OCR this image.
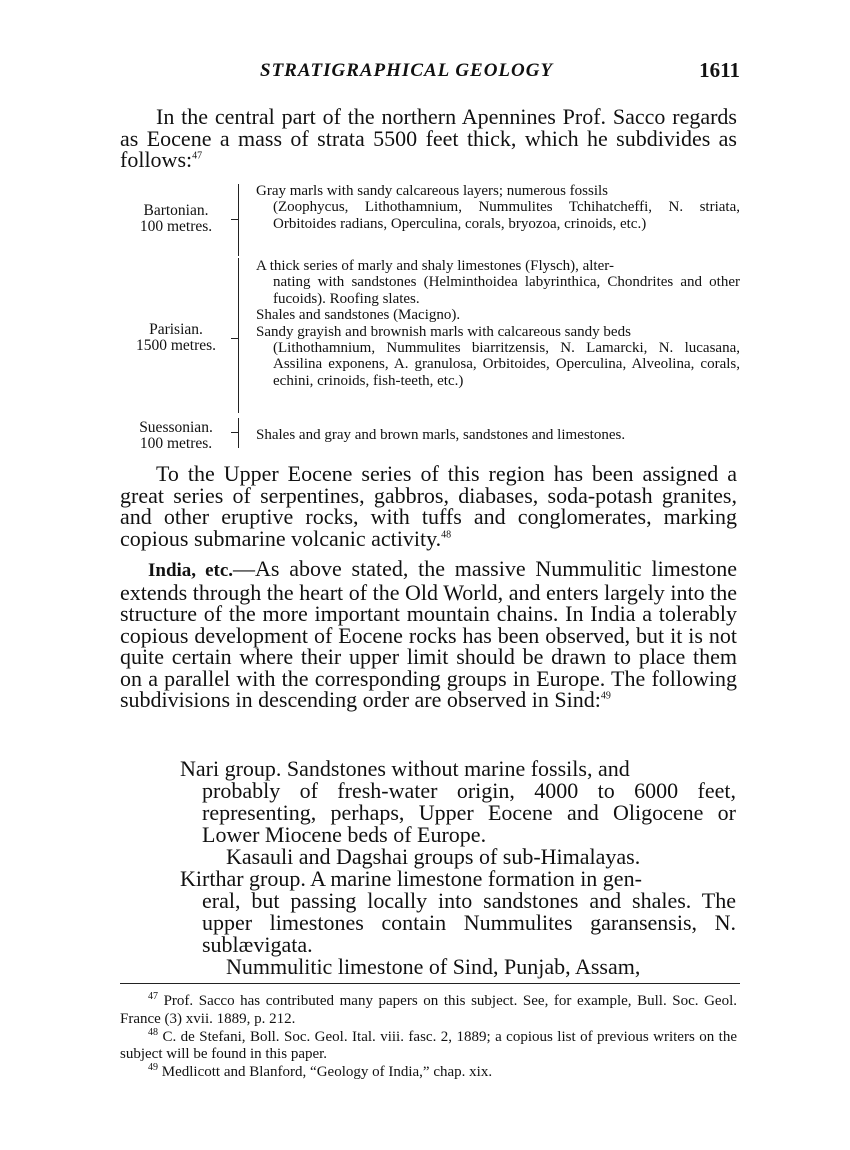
STRATIGRAPHICAL GEOLOGY	1611

In the central part of the northern Apennines Prof. Sacco regards as Eocene a mass of strata 5500 feet thick, which he subdivides as follows:$^{47}$

Bartonian.
100 metres.
Gray marls with sandy calcareous layers; numerous fossils
(Zoophycus, Lithothamnium, Nummulites Tchihatcheffi, N. striata, Orbitoides radians, Operculina, corals, bryozoa, crinoids, etc.)
Parisian.
1500 metres.
A thick series of marly and shaly limestones (Flysch), alter-
nating with sandstones (Helminthoidea labyrinthica, Chondrites and other fucoids). Roofing slates.
Shales and sandstones (Macigno).
Sandy grayish and brownish marls with calcareous sandy beds
(Lithothamnium, Nummulites biarritzensis, N. Lamarcki, N. lucasana, Assilina exponens, A. granulosa, Orbitoides, Operculina, Alveolina, corals, echini, crinoids, fish-teeth, etc.)
Suessonian.
100 metres.	Shales and gray and brown marls, sandstones and limestones.

To the Upper Eocene series of this region has been assigned a great series of serpentines, gabbros, diabases, soda-potash granites, and other eruptive rocks, with tuffs and conglomerates, marking copious submarine volcanic activity.$^{48}$

India, etc.—As above stated, the massive Nummulitic limestone extends through the heart of the Old World, and enters largely into the structure of the more important mountain chains. In India a tolerably copious development of Eocene rocks has been observed, but it is not quite certain where their upper limit should be drawn to place them on a parallel with the corresponding groups in Europe. The following subdivisions in descending order are observed in Sind:$^{49}$

Nari group. Sandstones without marine fossils, and
probably of fresh-water origin, 4000 to 6000 feet, representing, perhaps, Upper Eocene and Oligocene or Lower Miocene beds of Europe.
Kasauli and Dagshai groups of sub-Himalayas.
Kirthar group. A marine limestone formation in gen-
eral, but passing locally into sandstones and shales. The upper limestones contain Nummulites garansensis, N. sublævigata.
Nummulitic limestone of Sind, Punjab, Assam,

$^{47}$ Prof. Sacco has contributed many papers on this subject. See, for example, Bull. Soc. Geol. France (3) xvii. 1889, p. 212.

$^{48}$ C. de Stefani, Boll. Soc. Geol. Ital. viii. fasc. 2, 1889; a copious list of previous writers on the subject will be found in this paper.

$^{49}$ Medlicott and Blanford, “Geology of India,” chap. xix.
